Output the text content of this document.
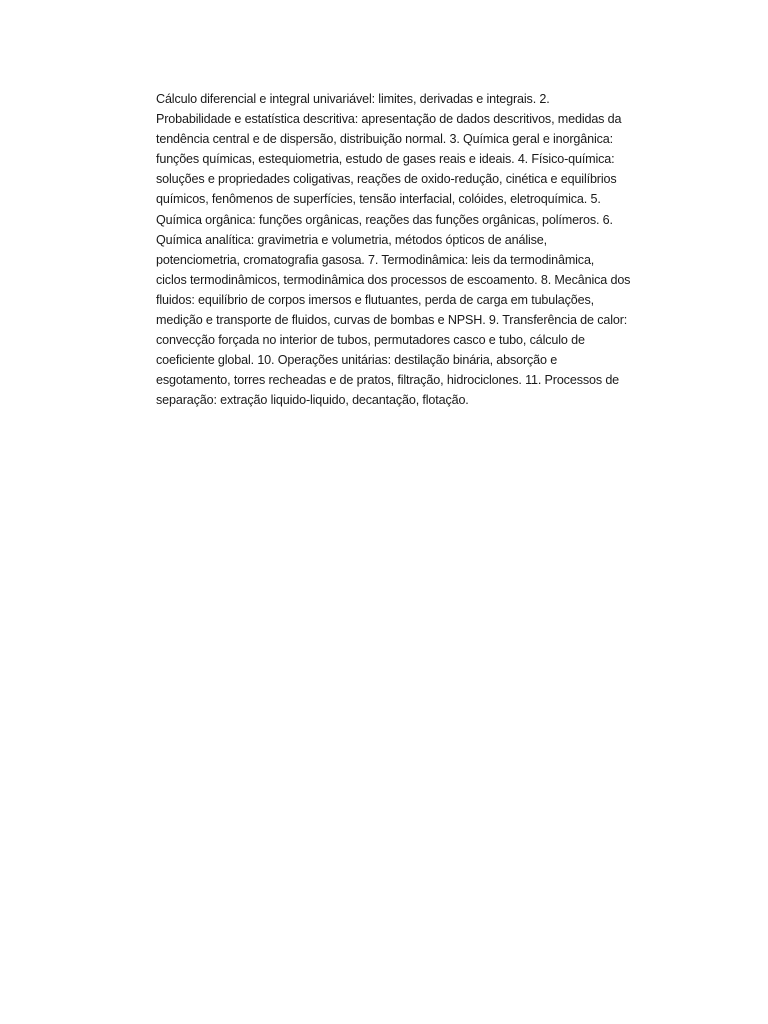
Cálculo diferencial e integral univariável: limites, derivadas e integrais. 2.
Probabilidade e estatística descritiva: apresentação de dados descritivos, medidas da
tendência central e de dispersão, distribuição normal. 3. Química geral e inorgânica:
funções químicas, estequiometria, estudo de gases reais e ideais. 4. Físico-química:
soluções e propriedades coligativas, reações de oxido-redução, cinética e equilíbrios
químicos, fenômenos de superfícies, tensão interfacial, colóides, eletroquímica. 5.
Química orgânica: funções orgânicas, reações das funções orgânicas, polímeros. 6.
Química analítica: gravimetria e volumetria, métodos ópticos de análise,
potenciometria, cromatografia gasosa. 7. Termodinâmica: leis da termodinâmica,
ciclos termodinâmicos, termodinâmica dos processos de escoamento. 8. Mecânica dos
fluidos: equilíbrio de corpos imersos e flutuantes, perda de carga em tubulações,
medição e transporte de fluidos, curvas de bombas e NPSH. 9. Transferência de calor:
convecção forçada no interior de tubos, permutadores casco e tubo, cálculo de
coeficiente global. 10. Operações unitárias: destilação binária, absorção e
esgotamento, torres recheadas e de pratos, filtração, hidrociclones. 11. Processos de
separação: extração liquido-liquido, decantação, flotação.
